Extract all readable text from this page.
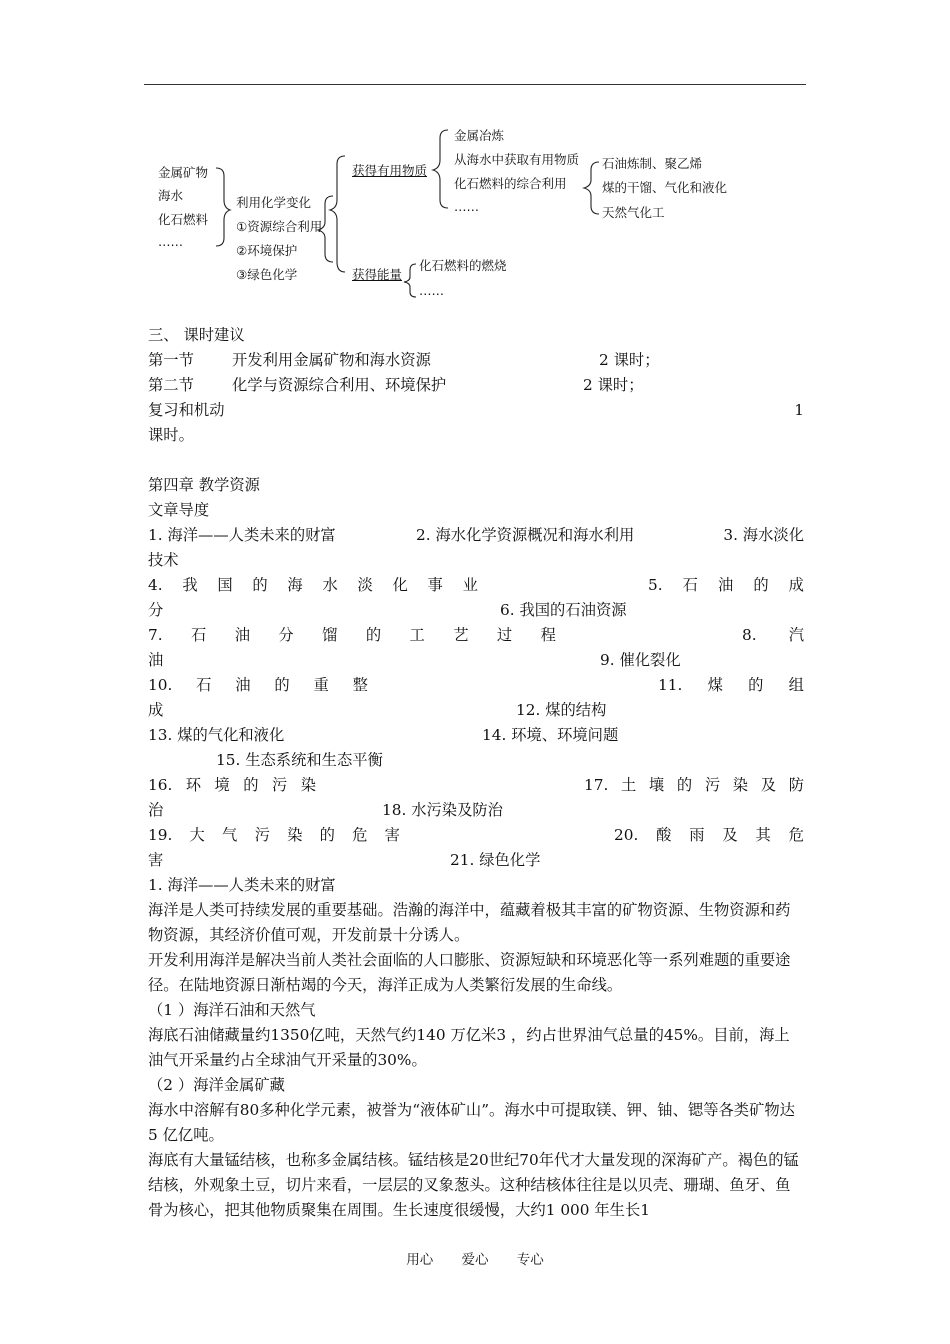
金属矿物
海水
化石燃料
……
利用化学变化
①资源综合利用
②环境保护
③绿色化学
获得有用物质
获得能量
金属冶炼
从海水中获取有用物质
化石燃料的综合利用
……
石油炼制、聚乙烯
煤的干馏、气化和液化
天然气化工
化石燃料的燃烧
……
三、 课时建议
第一节 开发利用金属矿物和海水资源	2 课时；
第二节 化学与资源综合利用、环境保护	2 课时；
复习和机动	1
课时。
第四章 教学资源
文章导度
1. 海洋——人类未来的财富	2. 海水化学资源概况和海水利用	3. 海水淡化
技术
4. 我 国 的 海 水 淡 化 事 业	5. 石 油 的 成
分	6. 我国的石油资源
7. 石 油 分 馏 的 工 艺 过 程	8. 汽
油	9. 催化裂化
10. 石 油 的 重 整	11. 煤 的 组
成	12. 煤的结构
13. 煤的气化和液化	14. 环境、环境问题
15. 生态系统和生态平衡
16. 环 境 的 污 染	17. 土 壤 的 污 染 及 防
治	18. 水污染及防治
19. 大 气 污 染 的 危 害	20. 酸 雨 及 其 危
害	21. 绿色化学
1. 海洋——人类未来的财富
海洋是人类可持续发展的重要基础。浩瀚的海洋中，蕴藏着极其丰富的矿物资源、生物资源和药物资源，其经济价值可观，开发前景十分诱人。
开发利用海洋是解决当前人类社会面临的人口膨胀、资源短缺和环境恶化等一系列难题的重要途径。在陆地资源日渐枯竭的今天，海洋正成为人类繁衍发展的生命线。
（1 ）海洋石油和天然气
海底石油储藏量约1350亿吨，天然气约140 万亿米3 ，约占世界油气总量的45%。目前，海上油气开采量约占全球油气开采量的30%。
（2 ）海洋金属矿藏
海水中溶解有80多种化学元素，被誉为“液体矿山”。海水中可提取镁、钾、铀、锶等各类矿物达5 亿亿吨。
海底有大量锰结核，也称多金属结核。锰结核是20世纪70年代才大量发现的深海矿产。褐色的锰结核，外观象土豆，切片来看，一层层的叉象葱头。这种结核体往往是以贝壳、珊瑚、鱼牙、鱼骨为核心，把其他物质聚集在周围。生长速度很缓慢，大约1 000 年生长1
用心 爱心 专心
